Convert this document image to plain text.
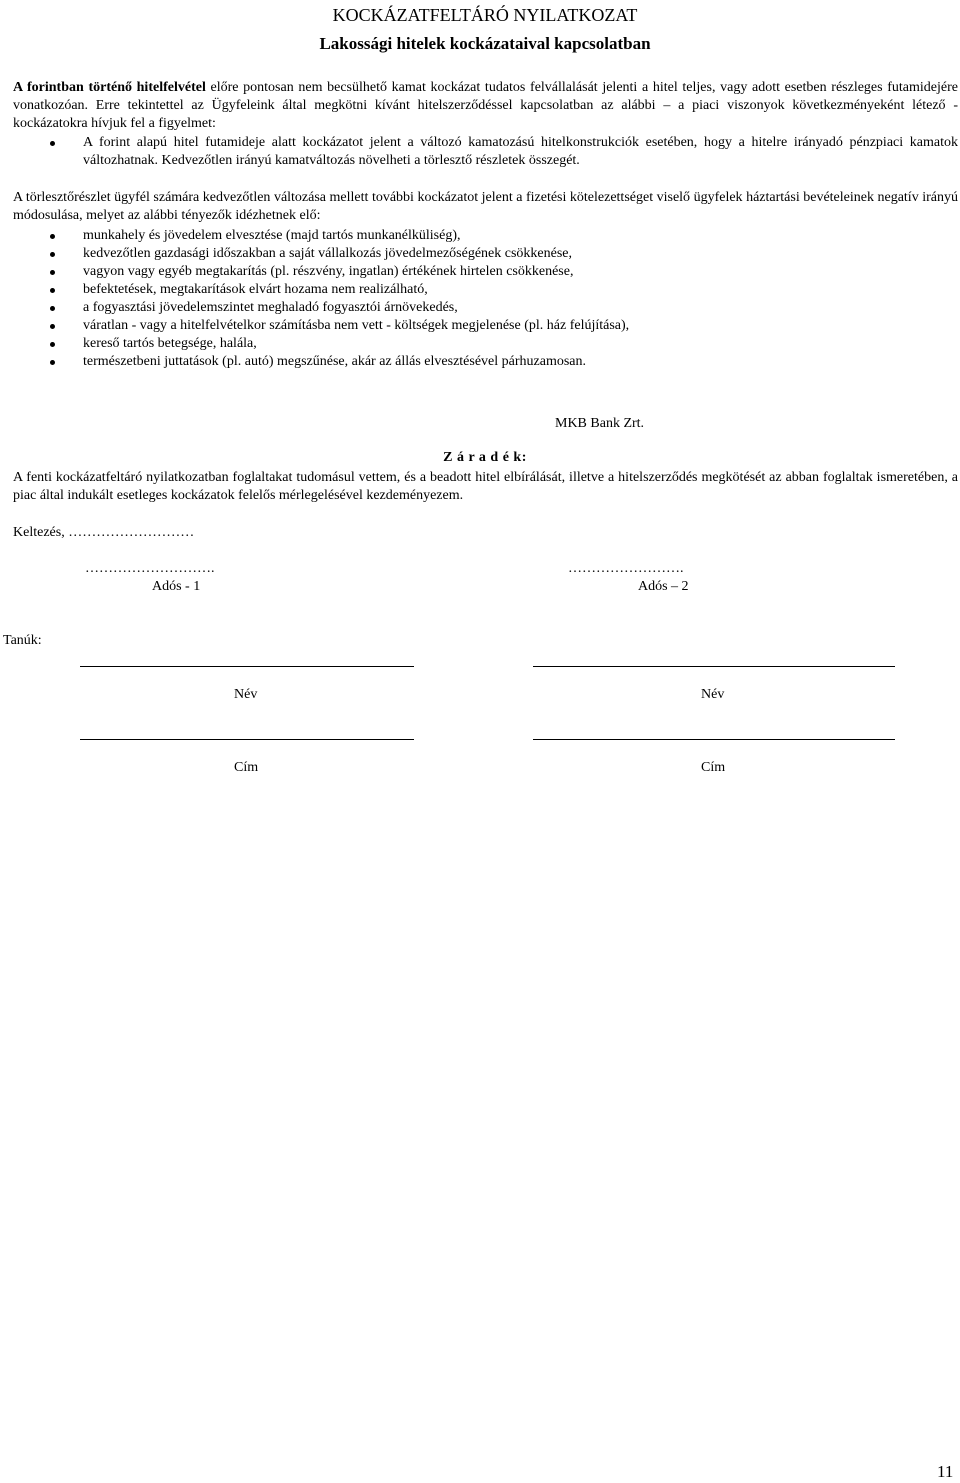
KOCKÁZATFELTÁRÓ NYILATKOZAT
Lakossági hitelek kockázataival kapcsolatban
A forintban történő hitelfelvétel előre pontosan nem becsülhető kamat kockázat tudatos felvállalását jelenti a hitel teljes, vagy adott esetben részleges futamidejére vonatkozóan. Erre tekintettel az Ügyfeleink által megkötni kívánt hitelszerződéssel kapcsolatban az alábbi – a piaci viszonyok következményeként létező - kockázatokra hívjuk fel a figyelmet:
A forint alapú hitel futamideje alatt kockázatot jelent a változó kamatozású hitelkonstrukciók esetében, hogy a hitelre irányadó pénzpiaci kamatok változhatnak. Kedvezőtlen irányú kamatváltozás növelheti a törlesztő részletek összegét.
A törlesztőrészlet ügyfél számára kedvezőtlen változása mellett további kockázatot jelent a fizetési kötelezettséget viselő ügyfelek háztartási bevételeinek negatív irányú módosulása, melyet az alábbi tényezők idézhetnek elő:
munkahely és jövedelem elvesztése (majd tartós munkanélküliség),
kedvezőtlen gazdasági időszakban a saját vállalkozás jövedelmezőségének csökkenése,
vagyon vagy egyéb megtakarítás (pl. részvény, ingatlan) értékének hirtelen csökkenése,
befektetések, megtakarítások elvárt hozama nem realizálható,
a fogyasztási jövedelemszintet meghaladó fogyasztói árnövekedés,
váratlan - vagy a hitelfelvételkor számításba nem vett - költségek megjelenése (pl. ház felújítása),
kereső tartós betegsége, halála,
természetbeni juttatások (pl. autó) megszűnése, akár az állás elvesztésével párhuzamosan.
MKB Bank Zrt.
Z á r a d é k:
A fenti kockázatfeltáró nyilatkozatban foglaltakat tudomásul vettem, és a beadott hitel elbírálását, illetve a hitelszerződés megkötését az abban foglaltak ismeretében, a piac által indukált esetleges kockázatok felelős mérlegelésével kezdeményezem.
Keltezés, ………………………
……………………….	…………………….
Adós - 1	Adós – 2
Tanúk:
Név	Név
Cím	Cím
11
